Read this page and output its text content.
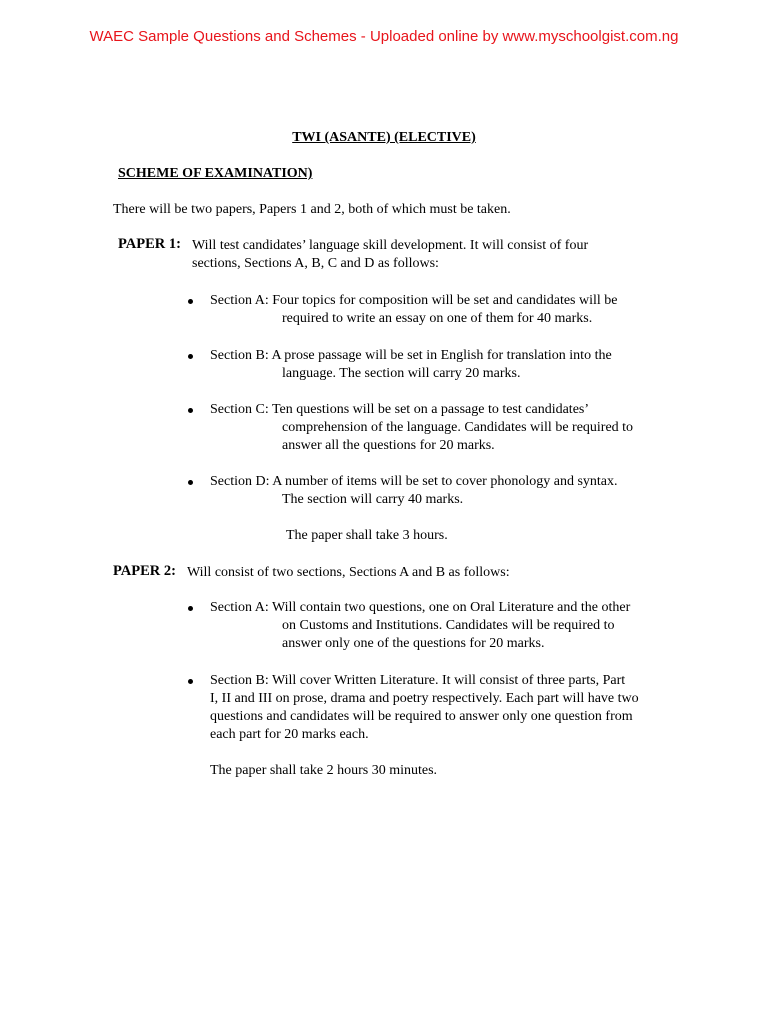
WAEC Sample Questions and Schemes - Uploaded online by www.myschoolgist.com.ng
TWI (ASANTE) (ELECTIVE)
SCHEME OF EXAMINATION)
There will be two papers, Papers 1 and 2, both of which must be taken.
PAPER 1: Will test candidates’ language skill development. It will consist of four
sections, Sections A, B, C and D as follows:
Section A: Four topics for composition will be set and candidates will be
required to write an essay on one of them for 40 marks.
Section B: A prose passage will be set in English for translation into the
language. The section will carry 20 marks.
Section C: Ten questions will be set on a passage to test candidates’
comprehension of the language. Candidates will be required to
answer all the questions for 20 marks.
Section D: A number of items will be set to cover phonology and syntax.
The section will carry 40 marks.
The paper shall take 3 hours.
PAPER 2: Will consist of two sections, Sections A and B as follows:
Section A: Will contain two questions, one on Oral Literature and the other
on Customs and Institutions. Candidates will be required to
answer only one of the questions for 20 marks.
Section B: Will cover Written Literature. It will consist of three parts, Part
I, II and III on prose, drama and poetry respectively. Each part will have two
questions and candidates will be required to answer only one question from
each part for 20 marks each.
The paper shall take 2 hours 30 minutes.
